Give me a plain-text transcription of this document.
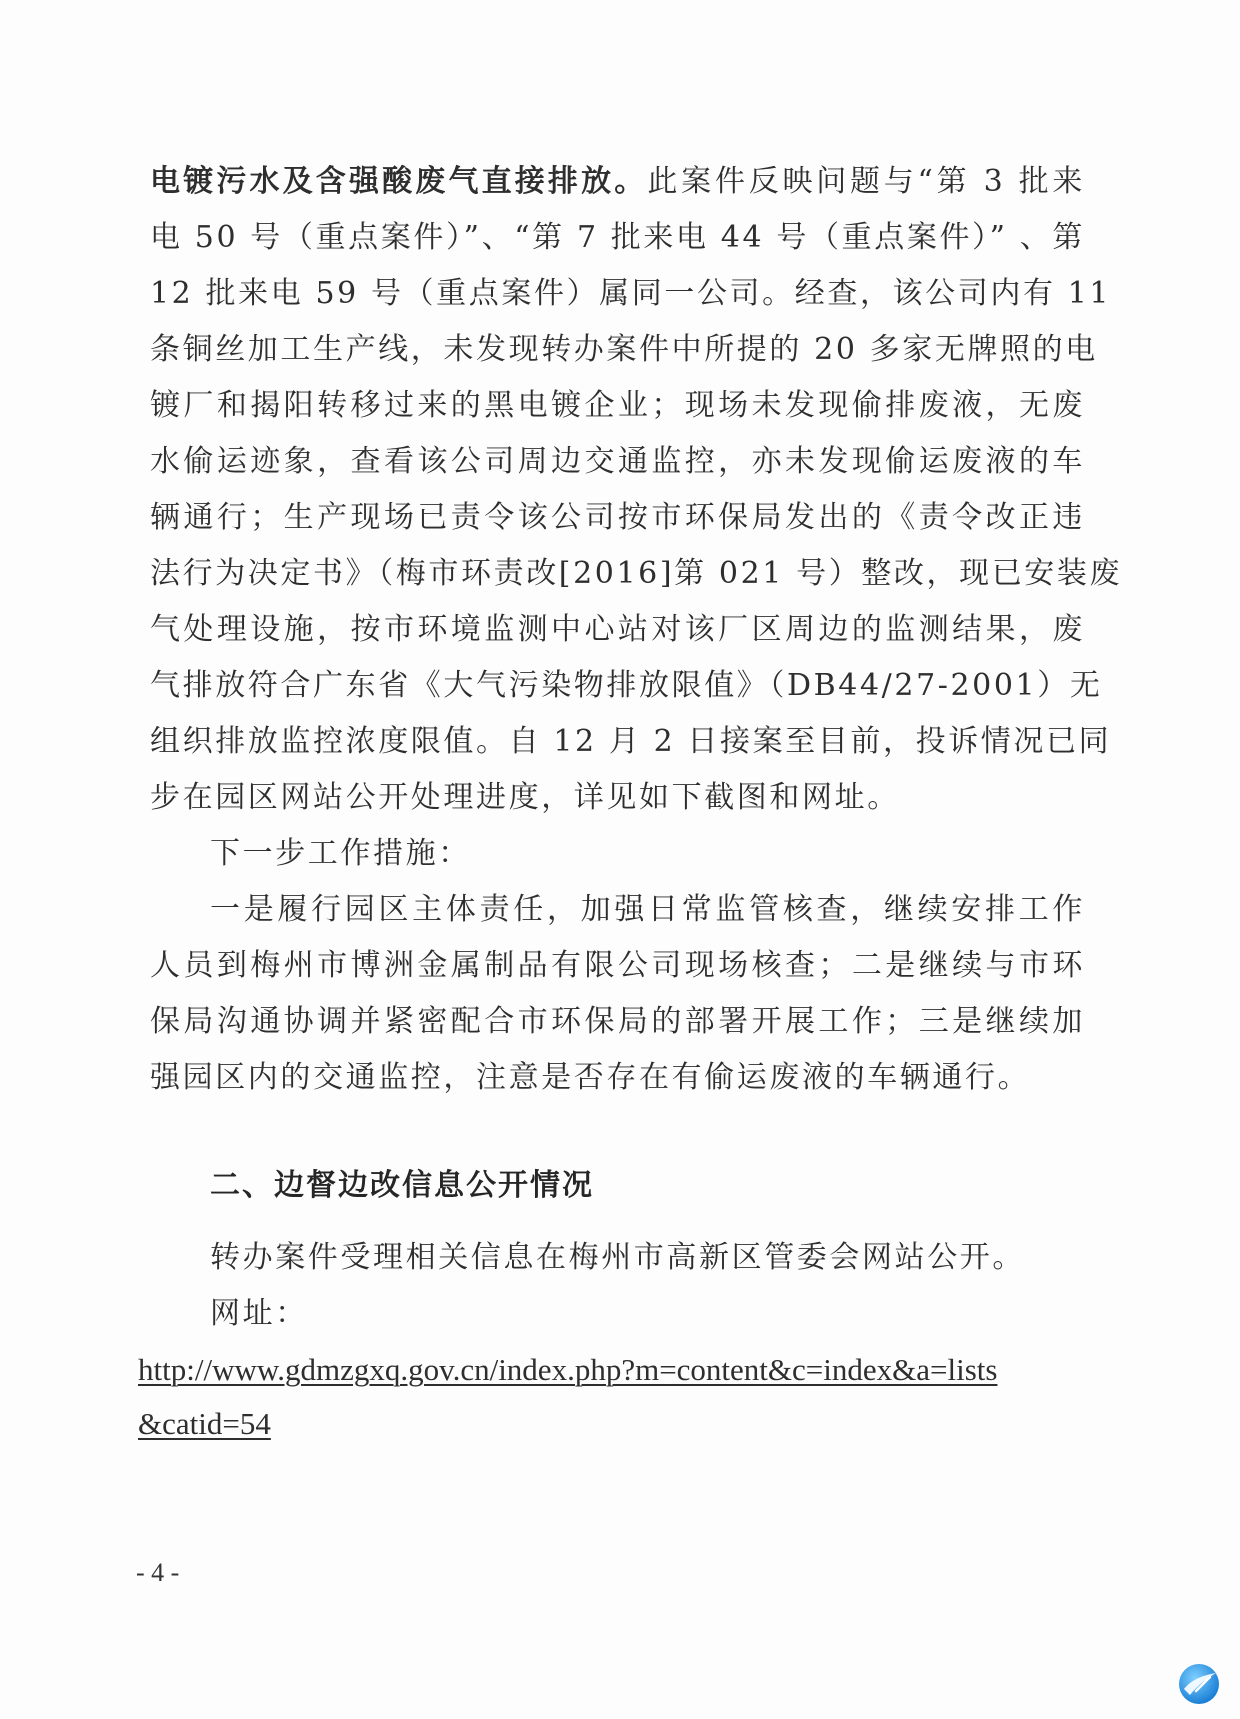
电镀污水及含强酸废气直接排放。此案件反映问题与“第 3 批来
电 50 号（重点案件）”、“第 7 批来电 44 号（重点案件）” 、第
12 批来电 59 号（重点案件）属同一公司。经查，该公司内有 11
条铜丝加工生产线，未发现转办案件中所提的 20 多家无牌照的电
镀厂和揭阳转移过来的黑电镀企业；现场未发现偷排废液，无废
水偷运迹象，查看该公司周边交通监控，亦未发现偷运废液的车
辆通行；生产现场已责令该公司按市环保局发出的《责令改正违
法行为决定书》（梅市环责改[2016]第 021 号）整改，现已安装废
气处理设施，按市环境监测中心站对该厂区周边的监测结果，废
气排放符合广东省《大气污染物排放限值》（DB44/27-2001）无
组织排放监控浓度限值。自 12 月 2 日接案至目前，投诉情况已同
步在园区网站公开处理进度，详见如下截图和网址。
下一步工作措施：
一是履行园区主体责任，加强日常监管核查，继续安排工作
人员到梅州市博洲金属制品有限公司现场核查；二是继续与市环
保局沟通协调并紧密配合市环保局的部署开展工作；三是继续加
强园区内的交通监控，注意是否存在有偷运废液的车辆通行。
二、边督边改信息公开情况
转办案件受理相关信息在梅州市高新区管委会网站公开。
网址：
http://www.gdmzgxq.gov.cn/index.php?m=content&c=index&a=lists
&catid=54
- 4 -
